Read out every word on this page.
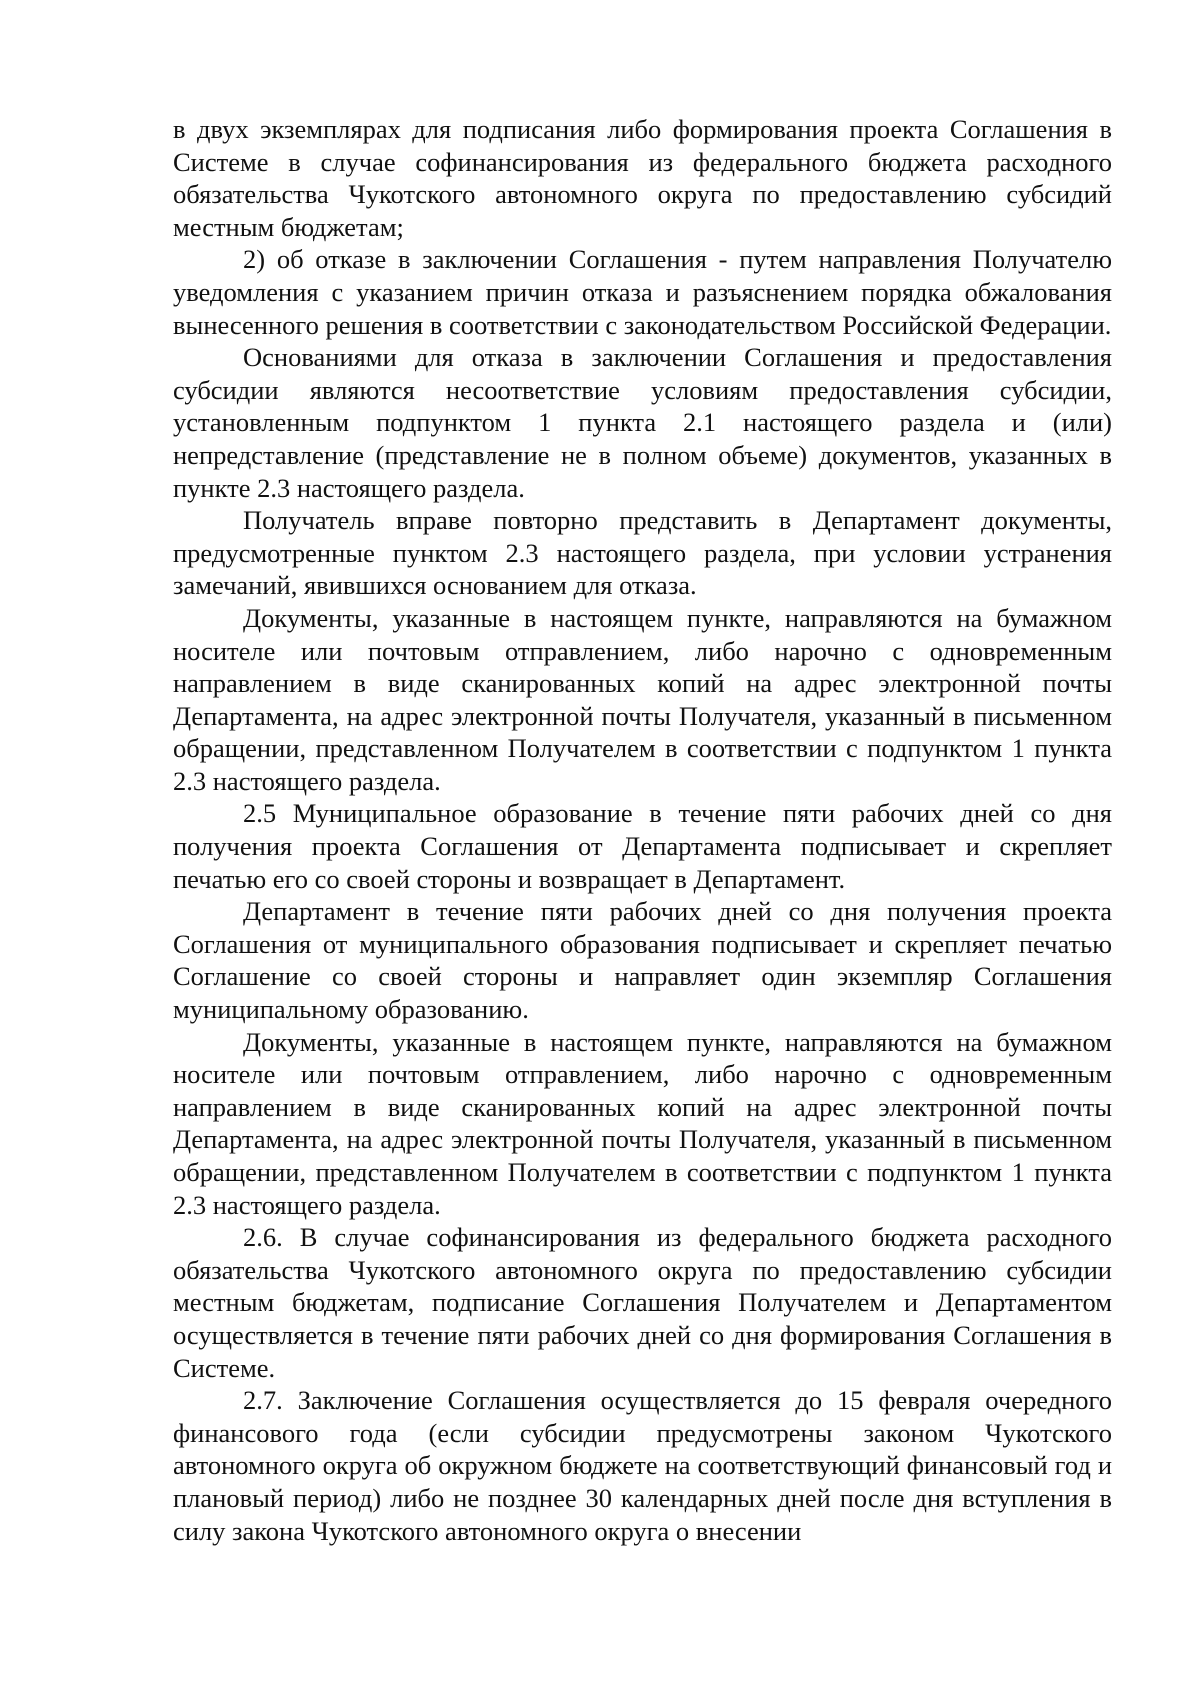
в двух экземплярах для подписания либо формирования проекта Соглашения в Системе в случае софинансирования из федерального бюджета расходного обязательства Чукотского автономного округа по предоставлению субсидий местным бюджетам;

2) об отказе в заключении Соглашения - путем направления Получателю уведомления с указанием причин отказа и разъяснением порядка обжалования вынесенного решения в соответствии с законодательством Российской Федерации.

Основаниями для отказа в заключении Соглашения и предоставления субсидии являются несоответствие условиям предоставления субсидии, установленным подпунктом 1 пункта 2.1 настоящего раздела и (или) непредставление (представление не в полном объеме) документов, указанных в пункте 2.3 настоящего раздела.

Получатель вправе повторно представить в Департамент документы, предусмотренные пунктом 2.3 настоящего раздела, при условии устранения замечаний, явившихся основанием для отказа.

Документы, указанные в настоящем пункте, направляются на бумажном носителе или почтовым отправлением, либо нарочно с одновременным направлением в виде сканированных копий на адрес электронной почты Департамента, на адрес электронной почты Получателя, указанный в письменном обращении, представленном Получателем в соответствии с подпунктом 1 пункта 2.3 настоящего раздела.

2.5 Муниципальное образование в течение пяти рабочих дней со дня получения проекта Соглашения от Департамента подписывает и скрепляет печатью его со своей стороны и возвращает в Департамент.

Департамент в течение пяти рабочих дней со дня получения проекта Соглашения от муниципального образования подписывает и скрепляет печатью Соглашение со своей стороны и направляет один экземпляр Соглашения муниципальному образованию.

Документы, указанные в настоящем пункте, направляются на бумажном носителе или почтовым отправлением, либо нарочно с одновременным направлением в виде сканированных копий на адрес электронной почты Департамента, на адрес электронной почты Получателя, указанный в письменном обращении, представленном Получателем в соответствии с подпунктом 1 пункта 2.3 настоящего раздела.

2.6. В случае софинансирования из федерального бюджета расходного обязательства Чукотского автономного округа по предоставлению субсидии местным бюджетам, подписание Соглашения Получателем и Департаментом осуществляется в течение пяти рабочих дней со дня формирования Соглашения в Системе.

2.7. Заключение Соглашения осуществляется до 15 февраля очередного финансового года (если субсидии предусмотрены законом Чукотского автономного округа об окружном бюджете на соответствующий финансовый год и плановый период) либо не позднее 30 календарных дней после дня вступления в силу закона Чукотского автономного округа о внесении
